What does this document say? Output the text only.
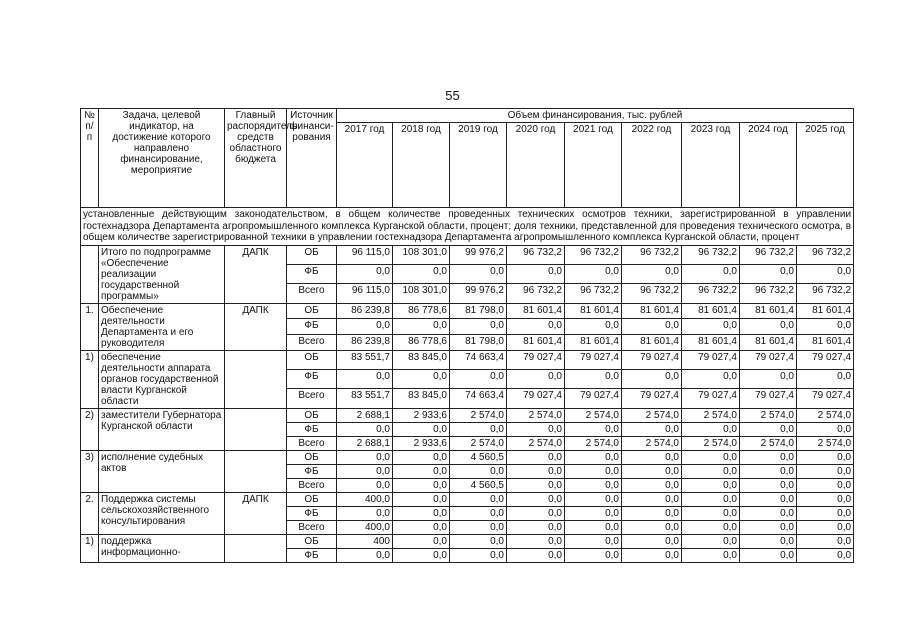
55
№ п/п	Задача, целевой индикатор, на достижение которого направлено финансирование, мероприятие	Главный распорядитель средств областного бюджета	Источник финанси-рования	Объем финансирования, тыс. рублей								
				2017 год	2018 год	2019 год	2020 год	2021 год	2022 год	2023 год	2024 год	2025 год
установленные действующим законодательством, в общем количестве проведенных технических осмотров техники, зарегистрированной в управлении гостехнадзора Департамента агропромышленного комплекса Курганской области, процент; доля техники, представленной для проведения технического осмотра, в общем количестве зарегистрированной техники в управлении гостехнадзора Департамента агропромышленного комплекса Курганской области, процент												
	Итого по подпрограмме «Обеспечение реализации государственной программы»	ДАПК	ОБ	96 115,0	108 301,0	99 976,2	96 732,2	96 732,2	96 732,2	96 732,2	96 732,2	96 732,2
			ФБ	0,0	0,0	0,0	0,0	0,0	0,0	0,0	0,0	0,0
			Всего	96 115,0	108 301,0	99 976,2	96 732,2	96 732,2	96 732,2	96 732,2	96 732,2	96 732,2
1.	Обеспечение деятельности Департамента и его руководителя	ДАПК	ОБ	86 239,8	86 778,6	81 798,0	81 601,4	81 601,4	81 601,4	81 601,4	81 601,4	81 601,4
			ФБ	0,0	0,0	0,0	0,0	0,0	0,0	0,0	0,0	0,0
			Всего	86 239,8	86 778,6	81 798,0	81 601,4	81 601,4	81 601,4	81 601,4	81 601,4	81 601,4
1)	обеспечение деятельности аппарата органов государственной власти Курганской области		ОБ	83 551,7	83 845,0	74 663,4	79 027,4	79 027,4	79 027,4	79 027,4	79 027,4	79 027,4
			ФБ	0,0	0,0	0,0	0,0	0,0	0,0	0,0	0,0	0,0
			Всего	83 551,7	83 845,0	74 663,4	79 027,4	79 027,4	79 027,4	79 027,4	79 027,4	79 027,4
2)	заместители Губернатора Курганской области		ОБ	2 688,1	2 933,6	2 574,0	2 574,0	2 574,0	2 574,0	2 574,0	2 574,0	2 574,0
			ФБ	0,0	0,0	0,0	0,0	0,0	0,0	0,0	0,0	0,0
			Всего	2 688,1	2 933,6	2 574,0	2 574,0	2 574,0	2 574,0	2 574,0	2 574,0	2 574,0
3)	исполнение судебных актов		ОБ	0,0	0,0	4 560,5	0,0	0,0	0,0	0,0	0,0	0,0
			ФБ	0,0	0,0	0,0	0,0	0,0	0,0	0,0	0,0	0,0
			Всего	0,0	0,0	4 560,5	0,0	0,0	0,0	0,0	0,0	0,0
2.	Поддержка системы сельскохозяйственного консультирования	ДАПК	ОБ	400,0	0,0	0,0	0,0	0,0	0,0	0,0	0,0	0,0
			ФБ	0,0	0,0	0,0	0,0	0,0	0,0	0,0	0,0	0,0
			Всего	400,0	0,0	0,0	0,0	0,0	0,0	0,0	0,0	0,0
1)	поддержка информационно-		ОБ	400	0,0	0,0	0,0	0,0	0,0	0,0	0,0	0,0
			ФБ	0,0	0,0	0,0	0,0	0,0	0,0	0,0	0,0	0,0
